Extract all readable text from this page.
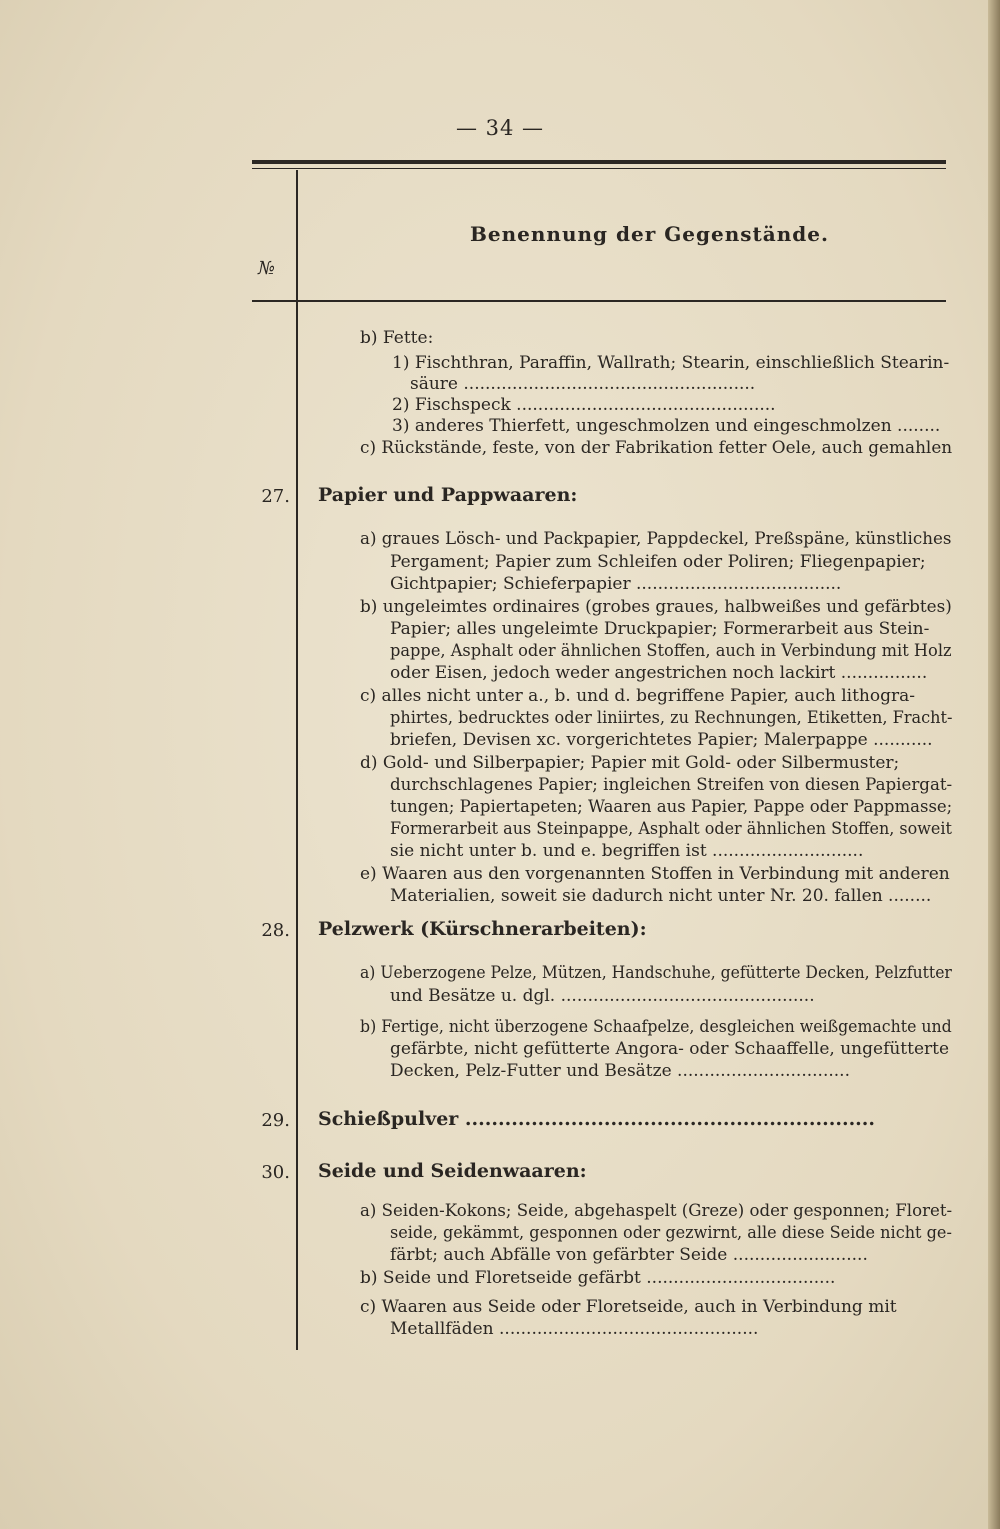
— 34 —
№
Benennung der Gegenstände.
27.
28.
29.
30.
b) Fette:
1) Fischthran, Paraffin, Wallrath; Stearin, einschließlich Stearin-
säure ......................................................
2) Fischspeck ................................................
3) anderes Thierfett, ungeschmolzen und eingeschmolzen ........
c) Rückstände, feste, von der Fabrikation fetter Oele, auch gemahlen
Papier und Pappwaaren:
a) graues Lösch- und Packpapier, Pappdeckel, Preßspäne, künstliches
Pergament; Papier zum Schleifen oder Poliren; Fliegenpapier;
Gichtpapier; Schieferpapier ......................................
b) ungeleimtes ordinaires (grobes graues, halbweißes und gefärbtes)
Papier; alles ungeleimte Druckpapier; Formerarbeit aus Stein-
pappe, Asphalt oder ähnlichen Stoffen, auch in Verbindung mit Holz
oder Eisen, jedoch weder angestrichen noch lackirt ................
c) alles nicht unter a., b. und d. begriffene Papier, auch lithogra-
phirtes, bedrucktes oder liniirtes, zu Rechnungen, Etiketten, Fracht-
briefen, Devisen xc. vorgerichtetes Papier; Malerpappe ...........
d) Gold- und Silberpapier; Papier mit Gold- oder Silbermuster;
durchschlagenes Papier; ingleichen Streifen von diesen Papiergat-
tungen; Papiertapeten; Waaren aus Papier, Pappe oder Pappmasse;
Formerarbeit aus Steinpappe, Asphalt oder ähnlichen Stoffen, soweit
sie nicht unter b. und e. begriffen ist ............................
e) Waaren aus den vorgenannten Stoffen in Verbindung mit anderen
Materialien, soweit sie dadurch nicht unter Nr. 20. fallen ........
Pelzwerk (Kürschnerarbeiten):
a) Ueberzogene Pelze, Mützen, Handschuhe, gefütterte Decken, Pelzfutter
und Besätze u. dgl. ...............................................
b) Fertige, nicht überzogene Schaafpelze, desgleichen weißgemachte und
gefärbte, nicht gefütterte Angora- oder Schaaffelle, ungefütterte
Decken, Pelz-Futter und Besätze ................................
Schießpulver ..............................................................
Seide und Seidenwaaren:
a) Seiden-Kokons; Seide, abgehaspelt (Greze) oder gesponnen; Floret-
seide, gekämmt, gesponnen oder gezwirnt, alle diese Seide nicht ge-
färbt; auch Abfälle von gefärbter Seide .........................
b) Seide und Floretseide gefärbt ...................................
c) Waaren aus Seide oder Floretseide, auch in Verbindung mit
Metallfäden ................................................
